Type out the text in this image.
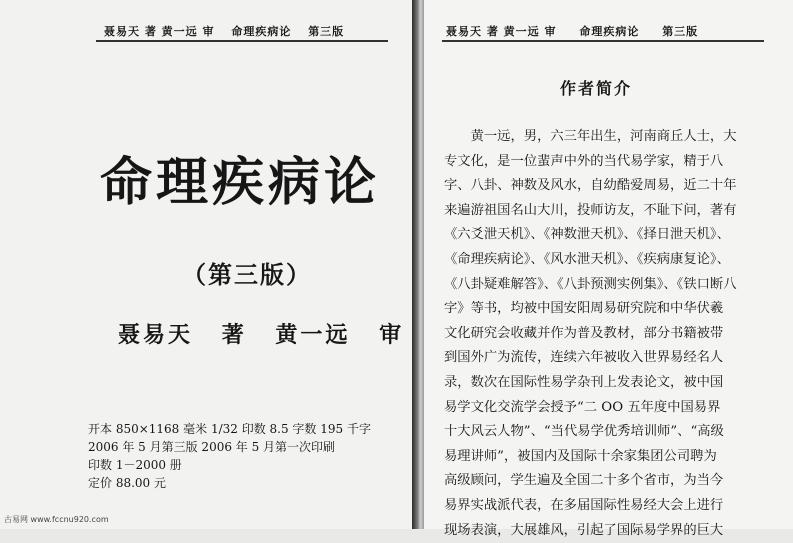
聂易天 著 黄一远 审 命理疾病论 第三版
命理疾病论
（第三版）
聂易天 著 黄一远 审
开本 850×1168 毫米 1/32 印数 8.5 字数 195 千字
2006 年 5 月第三版 2006 年 5 月第一次印刷
印数 1－2000 册
定价 88.00 元
古易网 www.fccnu920.com
聂易天 著 黄一远 审 命理疾病论 第三版
作者简介
黄一远，男，六三年出生，河南商丘人士，大
专文化，是一位蜚声中外的当代易学家，精于八
字、八卦、神数及风水，自幼酷爱周易，近二十年
来遍游祖国名山大川，投师访友，不耻下问，著有
《六爻泄天机》、《神数泄天机》、《择日泄天机》、
《命理疾病论》、《风水泄天机》、《疾病康复论》、
《八卦疑难解答》、《八卦预测实例集》、《铁口断八
字》等书，均被中国安阳周易研究院和中华伏羲
文化研究会收藏并作为普及教材，部分书籍被带
到国外广为流传，连续六年被收入世界易经名人
录，数次在国际性易学杂刊上发表论文，被中国
易学文化交流学会授予“二 OO 五年度中国易界
十大风云人物”、“当代易学优秀培训师”、“高级
易理讲师”，被国内及国际十余家集团公司聘为
高级顾问，学生遍及全国二十多个省市，为当今
易界实战派代表，在多届国际性易经大会上进行
现场表演，大展雄风，引起了国际易学界的巨大
